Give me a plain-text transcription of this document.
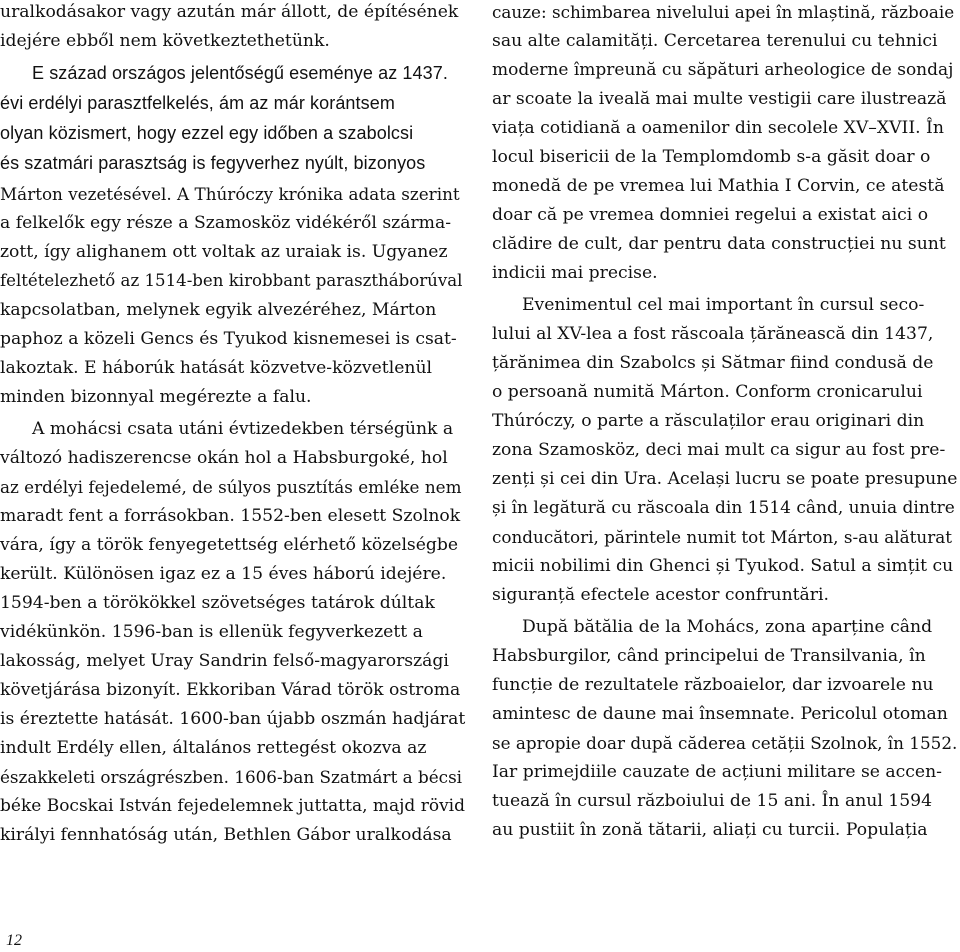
uralkodásakor vagy azután már állott, de építésének
idejére ebből nem következtethetünk.
E század országos jelentőségű eseménye az 1437.
évi erdélyi parasztfelkelés, ám az már korántsem
olyan közismert, hogy ezzel egy időben a szabolcsi
és szatmári parasztság is fegyverhez nyúlt, bizonyos
Márton vezetésével. A Thúróczy krónika adata szerint
a felkelők egy része a Szamosköz vidékéről szárma-
zott, így alighanem ott voltak az uraiak is. Ugyanez
feltételezhető az 1514-ben kirobbant parasztháborúval
kapcsolatban, melynek egyik alvezéréhez, Márton
paphoz a közeli Gencs és Tyukod kisnemesei is csat-
lakoztak. E háborúk hatását közvetve-közvetlenül
minden bizonnyal megérezte a falu.
A mohácsi csata utáni évtizedekben térségünk a
változó hadiszerencse okán hol a Habsburgoké, hol
az erdélyi fejedelemé, de súlyos pusztítás emléke nem
maradt fent a forrásokban. 1552-ben elesett Szolnok
vára, így a török fenyegetettség elérhető közelségbe
került. Különösen igaz ez a 15 éves háború idejére.
1594-ben a törökökkel szövetséges tatárok dúltak
vidékünkön. 1596-ban is ellenük fegyverkezett a
lakosság, melyet Uray Sandrin felső-magyarországi
követjárása bizonyít. Ekkoriban Várad török ostroma
is éreztette hatását. 1600-ban újabb oszmán hadjárat
indult Erdély ellen, általános rettegést okozva az
északkeleti országrészben. 1606-ban Szatmárt a bécsi
béke Bocskai István fejedelemnek juttatta, majd rövid
királyi fennhatóság után, Bethlen Gábor uralkodása
cauze: schimbarea nivelului apei în mlaștină, războaie
sau alte calamități. Cercetarea terenului cu tehnici
moderne împreună cu săpături arheologice de sondaj
ar scoate la iveală mai multe vestigii care ilustrează
viața cotidiană a oamenilor din secolele XV–XVII. În
locul bisericii de la Templomdomb s-a găsit doar o
monedă de pe vremea lui Mathia I Corvin, ce atestă
doar că pe vremea domniei regelui a existat aici o
clădire de cult, dar pentru data construcției nu sunt
indicii mai precise.
Evenimentul cel mai important în cursul seco-
lului al XV-lea a fost răscoala țărănească din 1437,
țărănimea din Szabolcs și Sătmar fiind condusă de
o persoană numită Márton. Conform cronicarului
Thúróczy, o parte a răsculaților erau originari din
zona Szamosköz, deci mai mult ca sigur au fost pre-
zenți și cei din Ura. Același lucru se poate presupune
și în legătură cu răscoala din 1514 când, unuia dintre
conducători, părintele numit tot Márton, s-au alăturat
micii nobilimi din Ghenci și Tyukod. Satul a simțit cu
siguranță efectele acestor confruntări.
După bătălia de la Mohács, zona aparține când
Habsburgilor, când principelui de Transilvania, în
funcție de rezultatele războaielor, dar izvoarele nu
amintesc de daune mai însemnate. Pericolul otoman
se apropie doar după căderea cetății Szolnok, în 1552.
Iar primejdiile cauzate de acțiuni militare se accen-
tuează în cursul războiului de 15 ani. În anul 1594
au pustiit în zonă tătarii, aliați cu turcii. Populația
12
